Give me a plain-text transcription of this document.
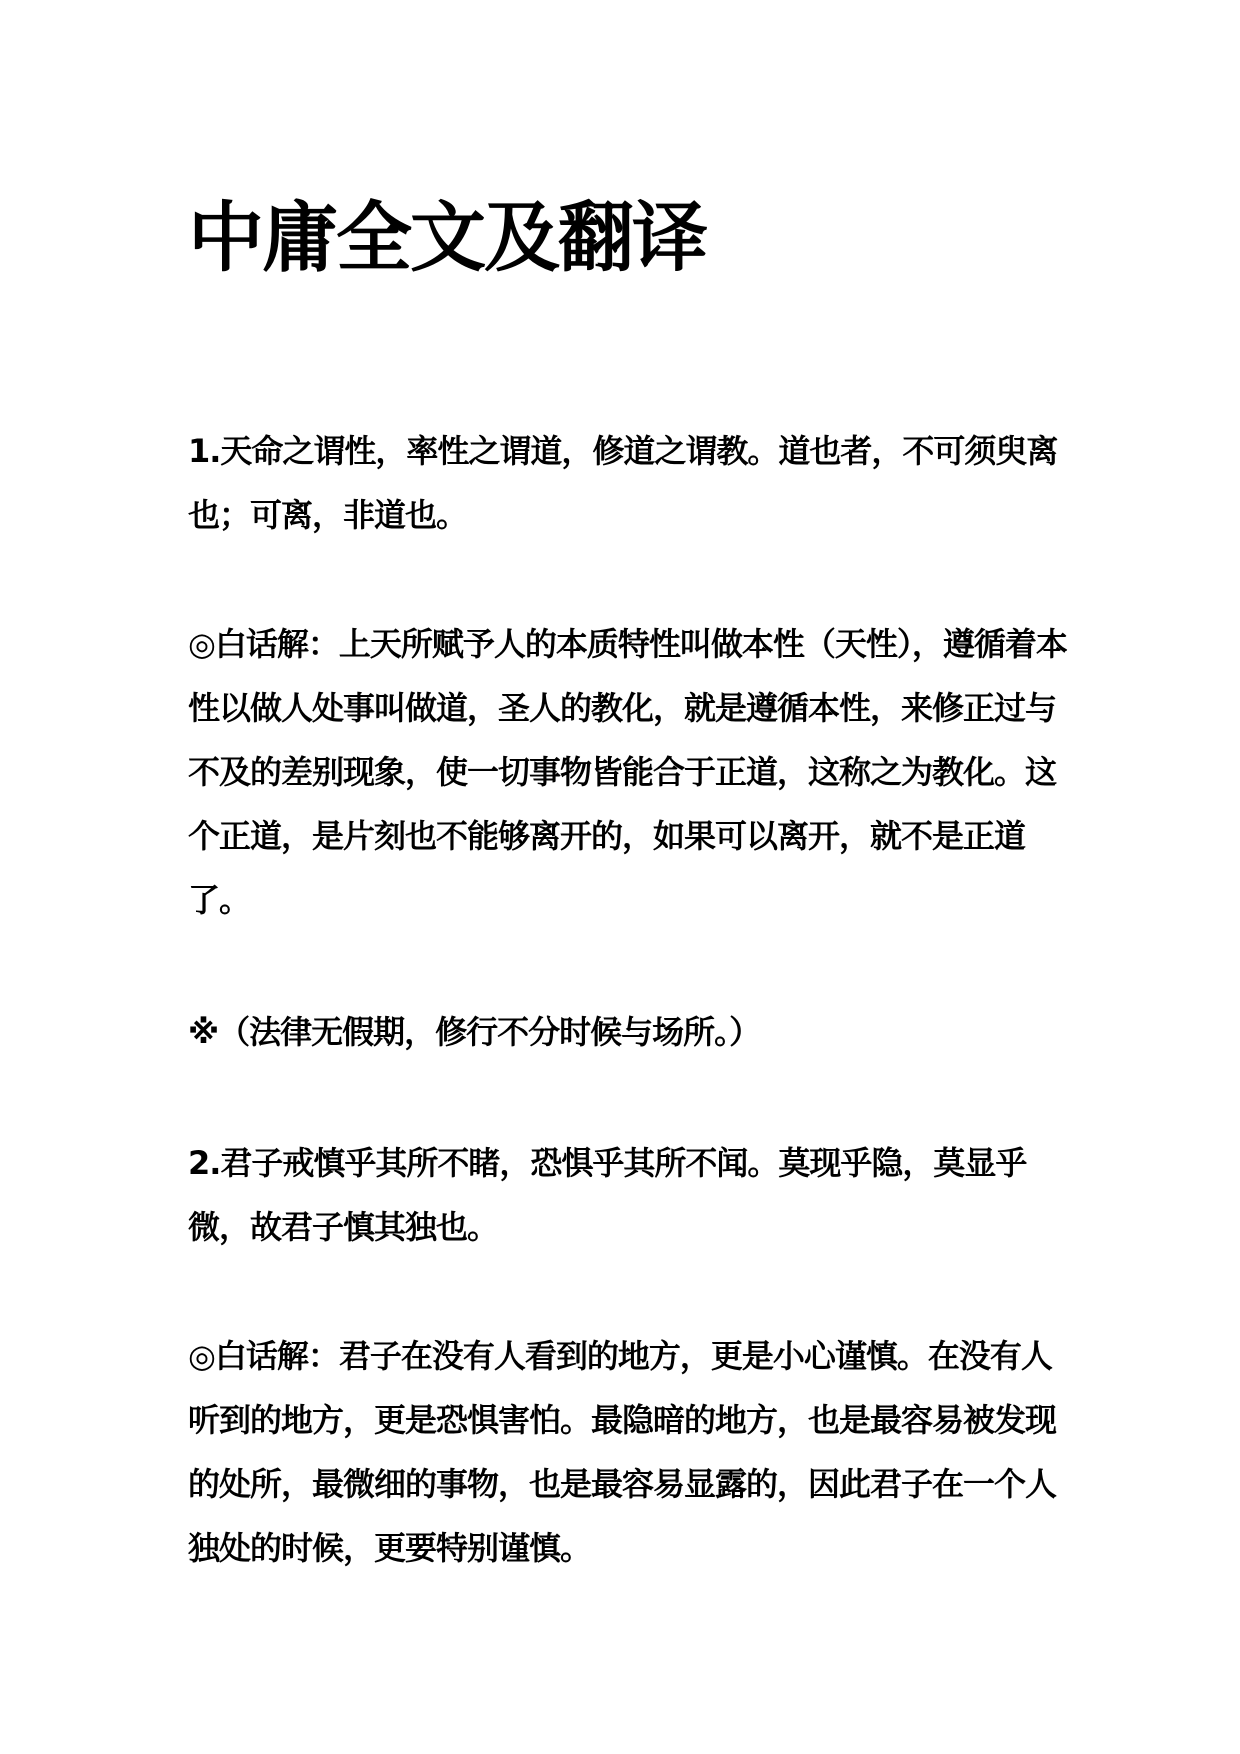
中庸全文及翻译

1.天命之谓性，率性之谓道，修道之谓教。道也者，不可须臾离也；可离，非道也。

◎白话解：上天所赋予人的本质特性叫做本性（天性），遵循着本性以做人处事叫做道，圣人的教化，就是遵循本性，来修正过与不及的差别现象，使一切事物皆能合于正道，这称之为教化。这个正道，是片刻也不能够离开的，如果可以离开，就不是正道了。

※（法律无假期，修行不分时候与场所。）

2.君子戒慎乎其所不睹，恐惧乎其所不闻。莫现乎隐，莫显乎微，故君子慎其独也。

◎白话解：君子在没有人看到的地方，更是小心谨慎。在没有人听到的地方，更是恐惧害怕。最隐暗的地方，也是最容易被发现的处所，最微细的事物，也是最容易显露的，因此君子在一个人独处的时候，更要特别谨慎。
